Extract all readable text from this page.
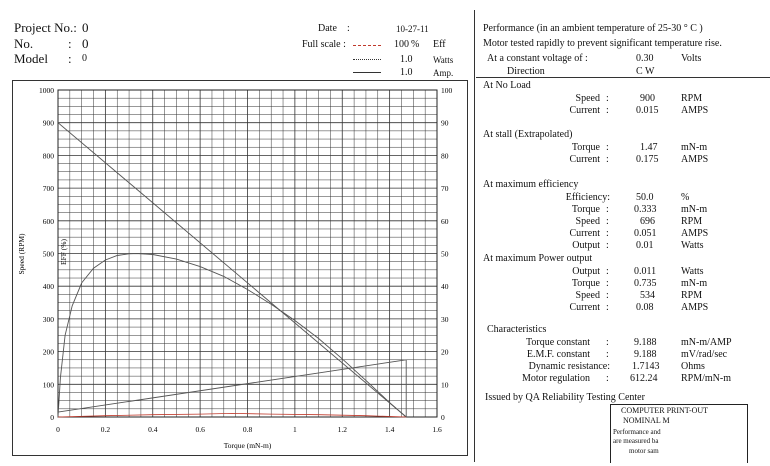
Project No.: 0
No.	: 0
Model : 0
Date :	10-27-11
Full scale :	100 % Eff
1.0 Watts
1.0 Amp.
0	0.2	0.4	0.6	0.8	1	1.2	1.4	1.6
0
100
200
300
400
500
600
700
800
900
1000
0
10
20
30
40
50
60
70
80
90
100
Torque (mN-m)
Speed (RPM)	EFF (%)
Performance (in an ambient temperature of 25-30 ° C )
Motor tested rapidly to prevent significant temperature rise.
At a constant voltage of :	0.30	Volts
Direction	C W
At No Load
Speed :	900	RPM
Current :	0.015 AMPS
At stall (Extrapolated)
Torque :	1.47 mN-m
Current :	0.175 AMPS
At maximum efficiency
Efficiency:	50.0	%
Torque :	0.333 mN-m
Speed :	696	RPM
Current :	0.051 AMPS
Output :	0.01	Watts
At maximum Power output
Output :	0.011 Watts
Torque :	0.735 mN-m
Speed :	534	RPM
Current :	0.08	AMPS
Characteristics
Torque constant :	9.188 mN-m/AMP
E.M.F. constant :	9.188 mV/rad/sec
Dynamic resistance: 1.7143 Ohms
Motor regulation : 612.24 RPM/mN-m
Issued by QA Reliability Testing Center
COMPUTER PRINT-OUT
NOMINAL M
Performance and
are measured ba
motor sam
